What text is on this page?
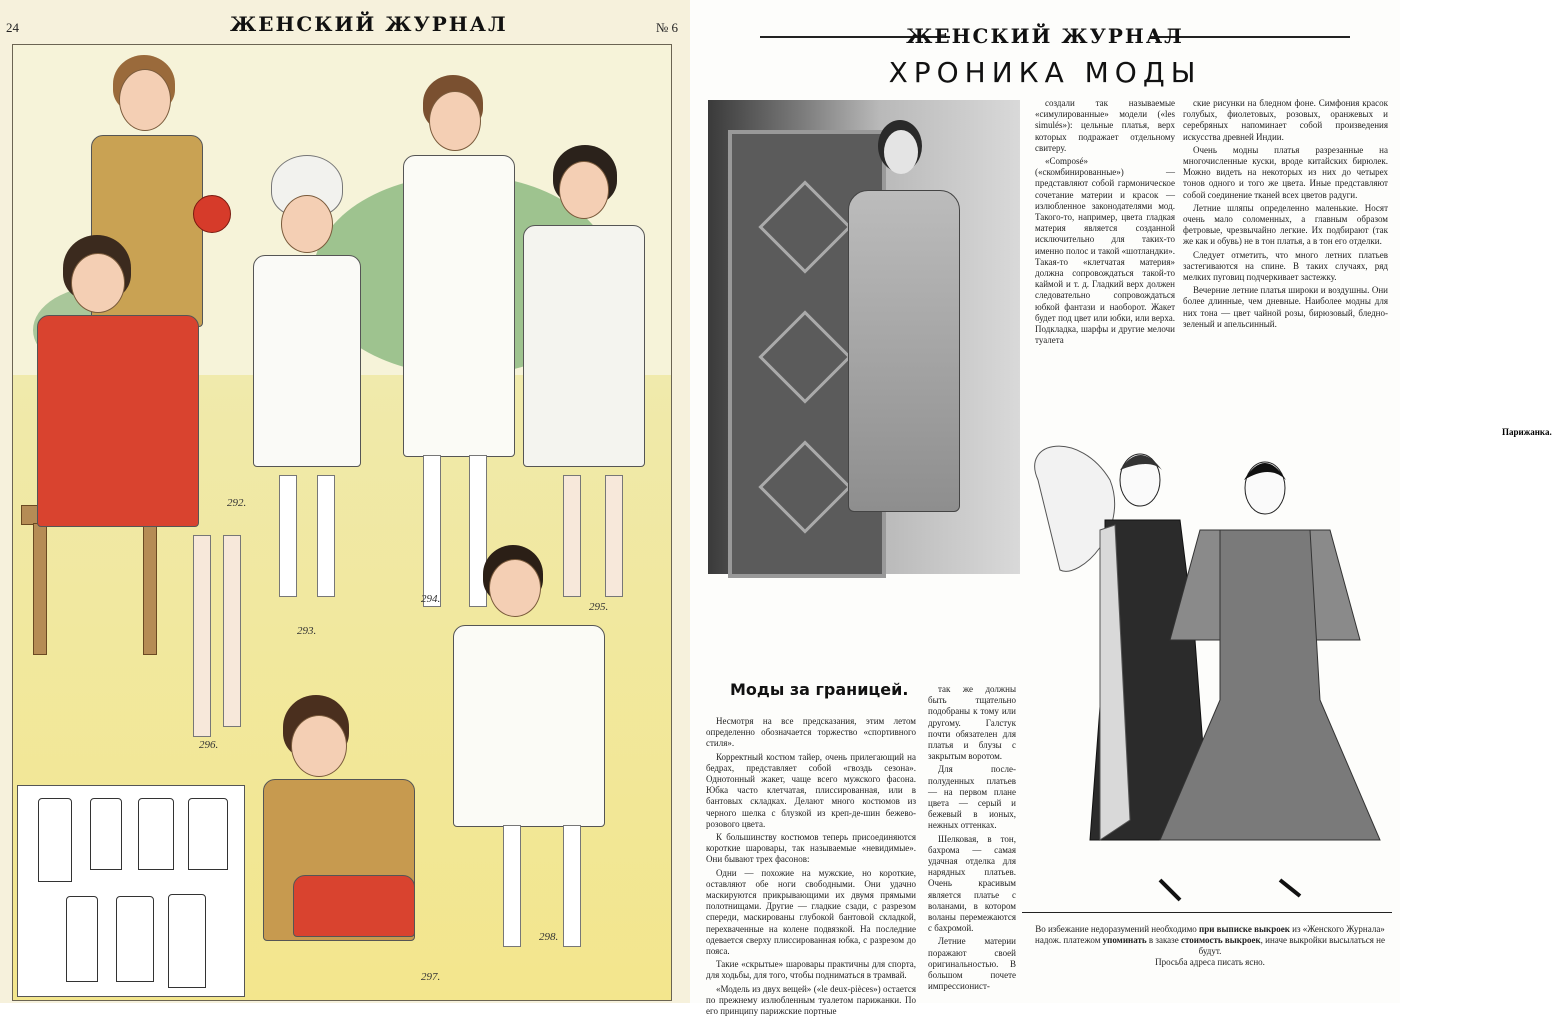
24	ЖЕНСКИЙ ЖУРНАЛ	№ 6
292.
293.
294.
295.
296.
297.
298.
ЖЕНСКИЙ ЖУРНАЛ
ХРОНИКА МОДЫ

создали так называемые «симулированные» модели («les simulés»): цельные платья, верх которых подражает отдельному свитеру.

«Composé» («скомбинированные») — представляют собой гармоническое сочетание материи и красок — излюбленное законодателями мод. Такого-то, например, цвета гладкая материя является созданной исключительно для таких-то именно полос и такой «шотландки». Такая-то «клетчатая материя» должна сопровождаться такой-то каймой и т. д. Гладкий верх должен следовательно сопровождаться юбкой фантази и наоборот. Жакет будет под цвет или юбки, или верха. Подкладка, шарфы и другие мелочи туалета

ские рисунки на бледном фоне. Симфония красок голубых, фиолетовых, розовых, оранжевых и серебряных напоминает собой произведения искусства древней Индии.

Очень модны платья разрезанные на многочисленные куски, вроде китайских бирюлек. Можно видеть на некоторых из них до четырех тонов одного и того же цвета. Иные представляют собой соединение тканей всех цветов радуги.

Летние шляпы определенно маленькие. Носят очень мало соломенных, а главным образом фетровые, чрезвычайно легкие. Их подбирают (так же как и обувь) не в тон платья, а в тон его отделки.

Следует отметить, что много летних платьев застегиваются на спине. В таких случаях, ряд мелких пуговиц подчеркивает застежку.

Вечерние летние платья широки и воздушны. Они более длинные, чем дневные. Наиболее модны для них тона — цвет чайной розы, бирюзовый, бледно-зеленый и апельсинный.

Парижанка.
Моды за границей.

Несмотря на все предсказания, этим летом определенно обозначается торжество «спортивного стиля».

Корректный костюм тайер, очень прилегающий на бедрах, представляет собой «гвоздь сезона». Однотонный жакет, чаще всего мужского фасона. Юбка часто клетчатая, плиссированная, или в бантовых складках. Делают много костюмов из черного шелка с блузкой из креп-де-шин бежево-розового цвета.

К большинству костюмов теперь присоединяются короткие шаровары, так называемые «невидимые». Они бывают трех фасонов:

Одни — похожие на мужские, но короткие, оставляют обе ноги свободными. Они удачно маскируются прикрывающими их двумя прямыми полотнищами. Другие — гладкие сзади, с разрезом спереди, маскированы глубокой бантовой складкой, перехваченные на колене подвязкой. На последние одевается сверху плиссированная юбка, с разрезом до пояса.

Такие «скрытые» шаровары практичны для спорта, для ходьбы, для того, чтобы подниматься в трамвай.

«Модель из двух вещей» («le deux-pièces») остается по прежнему излюбленным туалетом парижанки. По его принципу парижские портные

так же должны быть тщательно подобраны к тому или другому. Галстук почти обязателен для платья и блузы с закрытым воротом.

Для после-полуденных платьев — на первом плане цвета — серый и бежевый в ионых, нежных оттенках.

Шелковая, в тон, бахрома — самая удачная отделка для нарядных платьев. Очень красивым является платье с воланами, в котором воланы перемежаются с бахромой.

Летние материи поражают своей оригинальностью. В большом почете импрессионист-

Во избежание недоразумений необходимо при выписке выкроек из «Женского Журнала» надож. платежом упоминать в заказе стоимость выкроек, иначе выкройки высылаться не будут.
Просьба адреса писать ясно.
